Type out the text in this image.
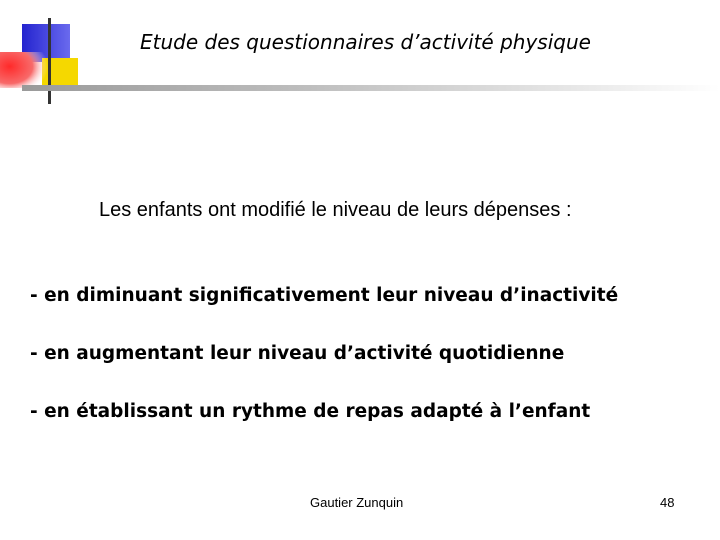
Etude des questionnaires d’activité physique
Les enfants ont modifié le niveau de leurs dépenses :
- en diminuant significativement leur niveau d’inactivité
- en augmentant leur niveau d’activité quotidienne
- en établissant un rythme de repas adapté à l’enfant
Gautier Zunquin	48
